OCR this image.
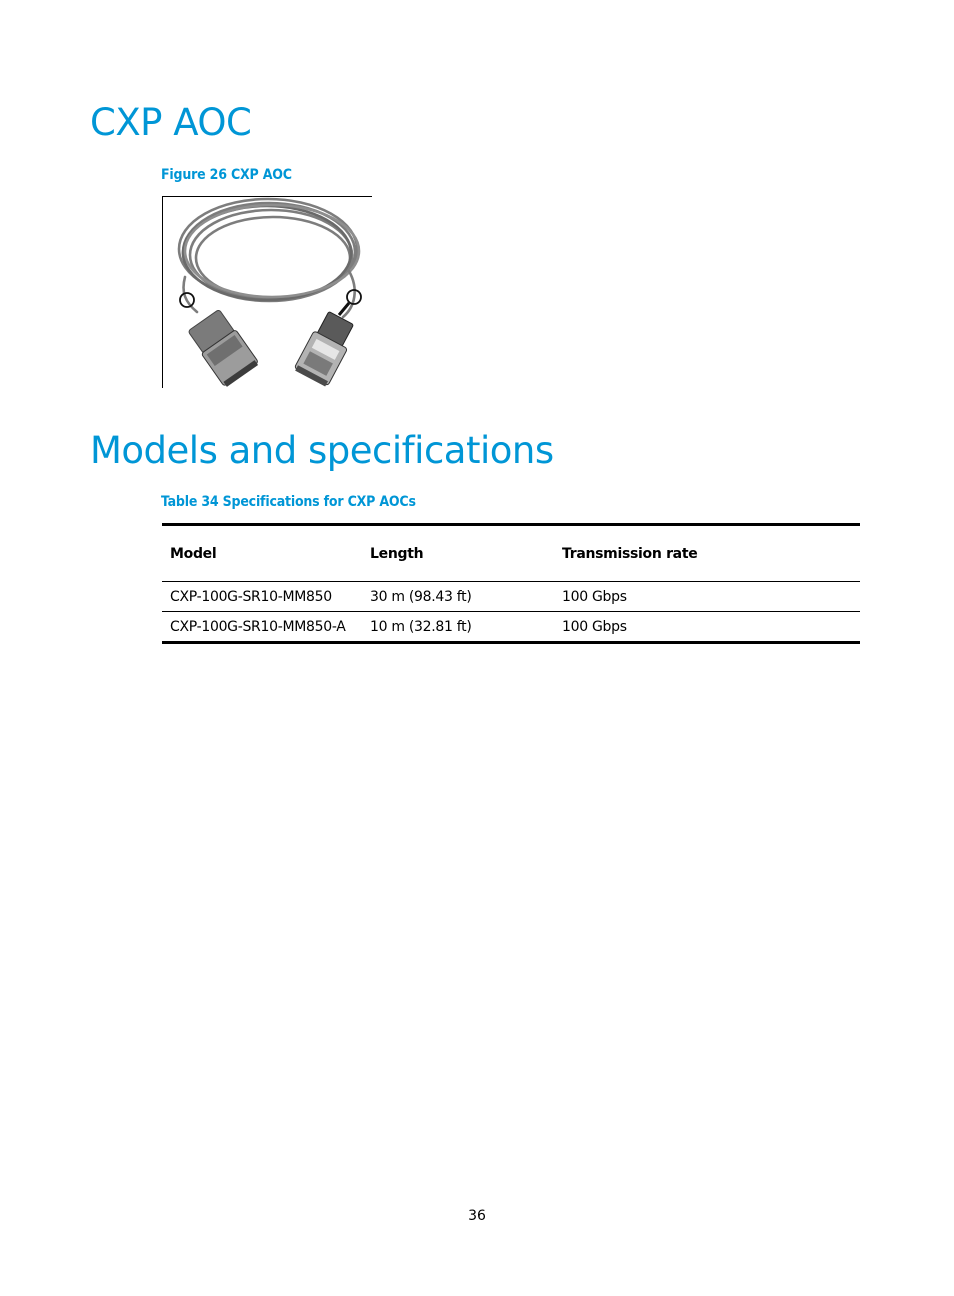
CXP AOC
Figure 26 CXP AOC
Models and specifications
Table 34 Specifications for CXP AOCs
Model	Length	Transmission rate
CXP-100G-SR10-MM850	30 m (98.43 ft)	100 Gbps
CXP-100G-SR10-MM850-A	10 m (32.81 ft)	100 Gbps
36
